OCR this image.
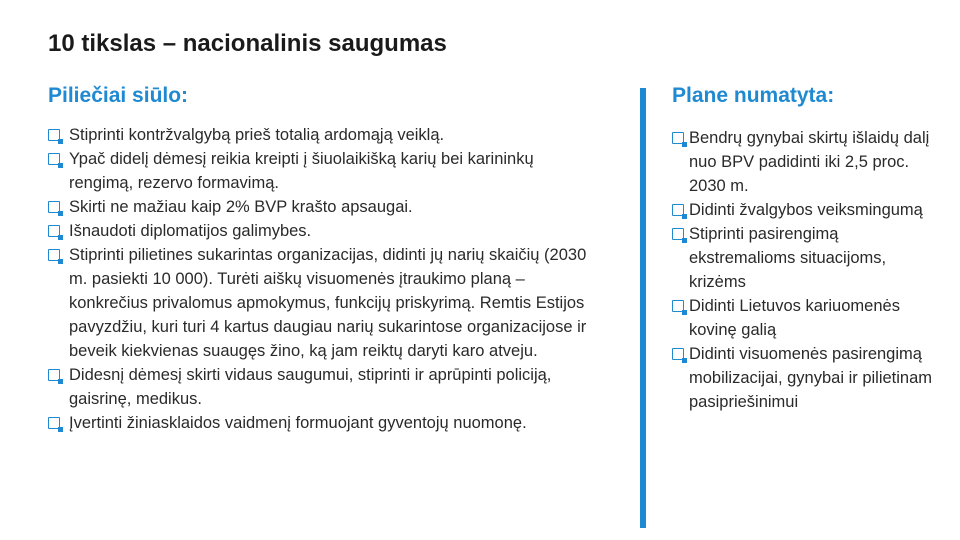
10 tikslas – nacionalinis saugumas
Piliečiai siūlo:	Plane numatyta:
Stiprinti kontržvalgybą prieš totalią ardomąją veiklą.
Ypač didelį dėmesį reikia kreipti į šiuolaikišką karių bei karininkų rengimą, rezervo formavimą.
Skirti ne mažiau kaip 2% BVP krašto apsaugai.
Išnaudoti diplomatijos galimybes.
Stiprinti pilietines sukarintas organizacijas, didinti jų narių skaičių (2030 m. pasiekti 10 000). Turėti aiškų visuomenės įtraukimo planą – konkrečius privalomus apmokymus, funkcijų priskyrimą. Remtis Estijos pavyzdžiu, kuri turi 4 kartus daugiau narių sukarintose organizacijose ir beveik kiekvienas suaugęs žino, ką jam reiktų daryti karo atveju.
Didesnį dėmesį skirti vidaus saugumui, stiprinti ir aprūpinti policiją, gaisrinę, medikus.
Įvertinti žiniasklaidos vaidmenį formuojant gyventojų nuomonę.
Bendrų gynybai skirtų išlaidų dalį nuo BPV padidinti iki 2,5 proc. 2030 m.
Didinti žvalgybos veiksmingumą
Stiprinti pasirengimą ekstremalioms situacijoms, krizėms
Didinti Lietuvos kariuomenės kovinę galią
Didinti visuomenės pasirengimą mobilizacijai, gynybai ir pilietinam pasipriešinimui
